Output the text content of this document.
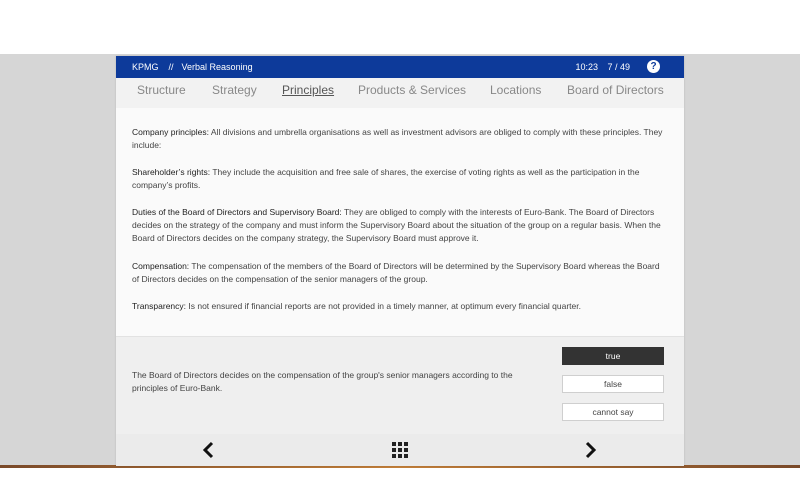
KPMG // Verbal Reasoning	10:23 7 / 49	?
Structure Strategy Principles Products & Services Locations Board of Directors
Company principles: All divisions and umbrella organisations as well as investment advisors are obliged to comply with these principles. They include:
Shareholder’s rights: They include the acquisition and free sale of shares, the exercise of voting rights as well as the participation in the company’s profits.
Duties of the Board of Directors and Supervisory Board: They are obliged to comply with the interests of Euro-Bank. The Board of Directors decides on the strategy of the company and must inform the Supervisory Board about the situation of the group on a regular basis. When the Board of Directors decides on the company strategy, the Supervisory Board must approve it.
Compensation: The compensation of the members of the Board of Directors will be determined by the Supervisory Board whereas the Board of Directors decides on the compensation of the senior managers of the group.
Transparency: Is not ensured if financial reports are not provided in a timely manner, at optimum every financial quarter.
The Board of Directors decides on the compensation of the group's senior managers according to the principles of Euro-Bank.
true
false
cannot say
